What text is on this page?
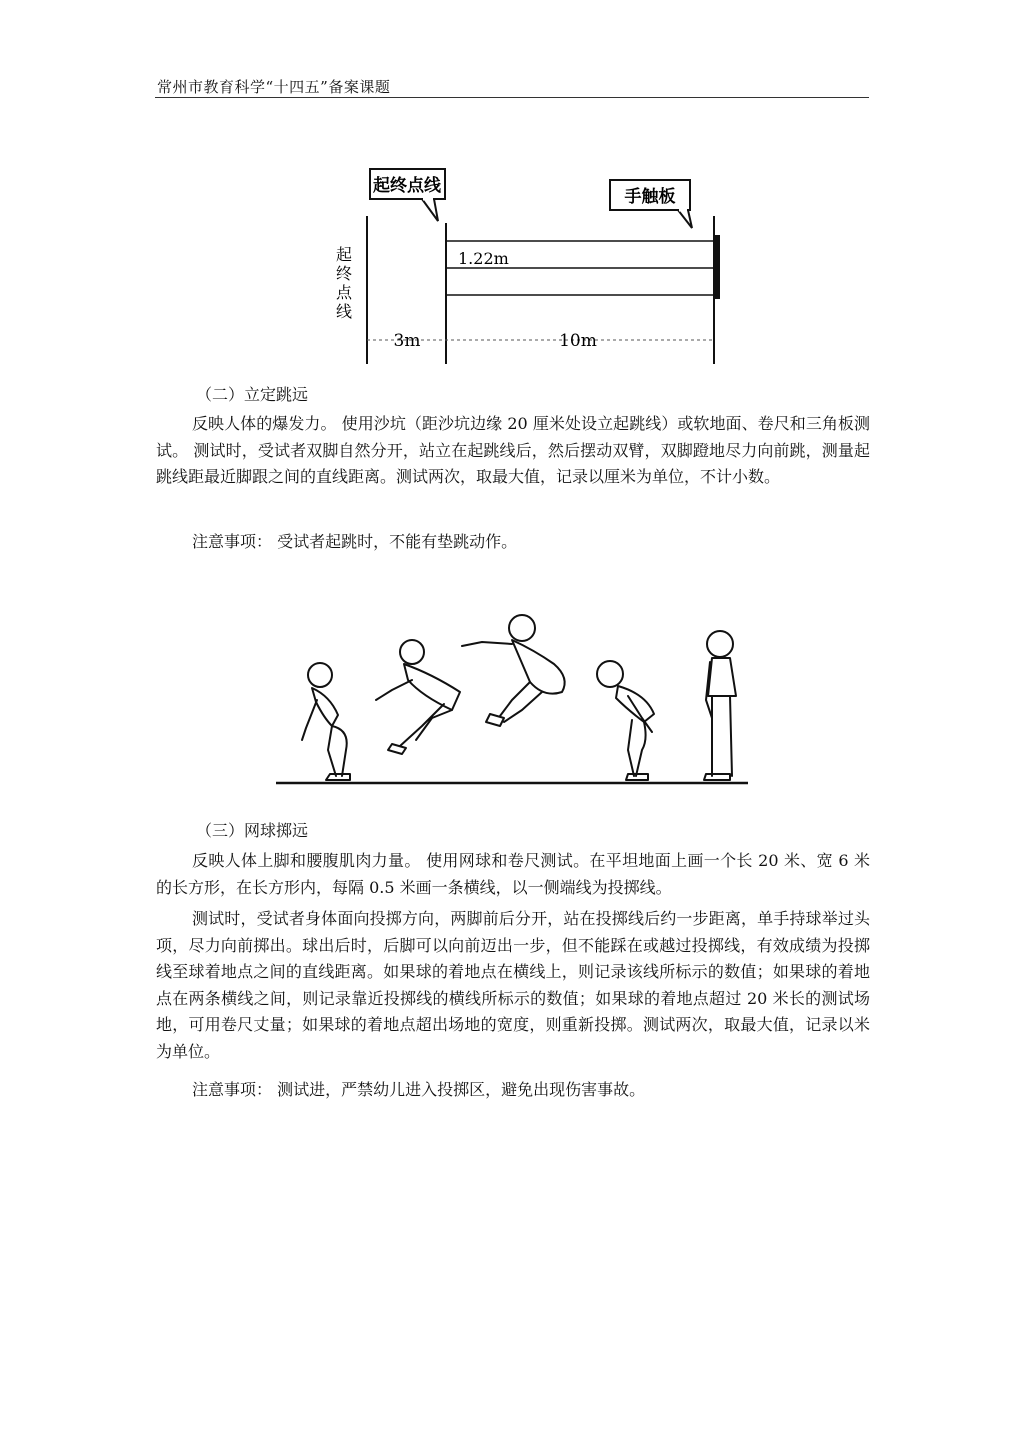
常州市教育科学“十四五”备案课题
起终点线
手触板
起
终
点
线
1.22m
3m	10m
（二）立定跳远

反映人体的爆发力。 使用沙坑（距沙坑边缘 20 厘米处设立起跳线）或软地面、卷尺和三角板测试。 测试时，受试者双脚自然分开，站立在起跳线后，然后摆动双臂，双脚蹬地尽力向前跳，测量起跳线距最近脚跟之间的直线距离。测试两次，取最大值，记录以厘米为单位，不计小数。

注意事项： 受试者起跳时，不能有垫跳动作。
（三）网球掷远

反映人体上脚和腰腹肌肉力量。 使用网球和卷尺测试。在平坦地面上画一个长 20 米、宽 6 米的长方形，在长方形内，每隔 0.5 米画一条横线，以一侧端线为投掷线。

测试时，受试者身体面向投掷方向，两脚前后分开，站在投掷线后约一步距离，单手持球举过头项，尽力向前掷出。球出后时，后脚可以向前迈出一步，但不能踩在或越过投掷线，有效成绩为投掷线至球着地点之间的直线距离。如果球的着地点在横线上，则记录该线所标示的数值；如果球的着地点在两条横线之间，则记录靠近投掷线的横线所标示的数值；如果球的着地点超过 20 米长的测试场地，可用卷尺丈量；如果球的着地点超出场地的宽度，则重新投掷。测试两次，取最大值，记录以米为单位。

注意事项： 测试进，严禁幼儿进入投掷区，避免出现伤害事故。
